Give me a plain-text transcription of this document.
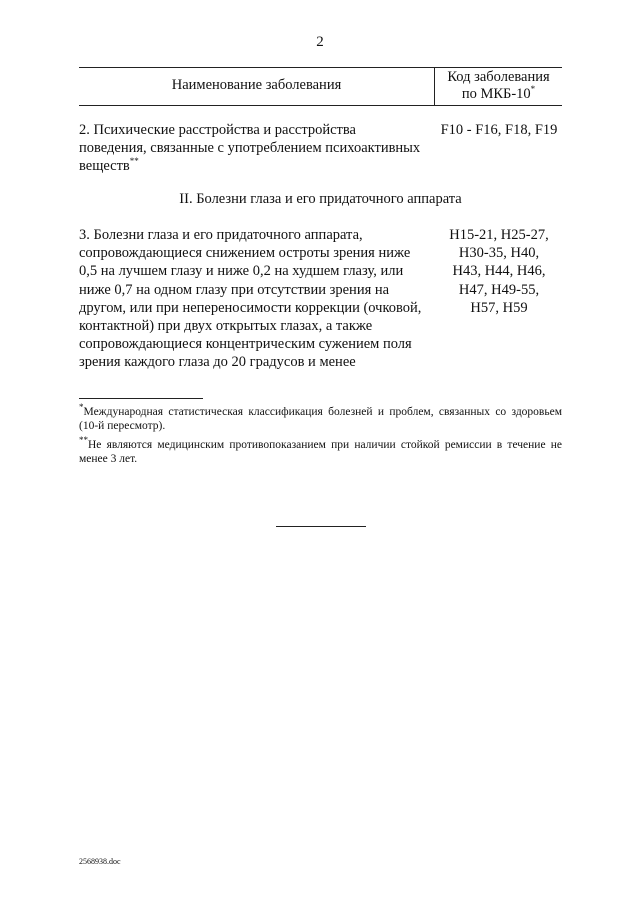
2
Наименование заболевания	Код заболевания
по МКБ-10*
2. Психические расстройства и расстройства
поведения, связанные с употреблением психоактивных
веществ**
F10 - F16, F18, F19
II. Болезни глаза и его придаточного аппарата
3. Болезни глаза и его придаточного аппарата,
сопровождающиеся снижением остроты зрения ниже
0,5 на лучшем глазу и ниже 0,2 на худшем глазу, или
ниже 0,7 на одном глазу при отсутствии зрения на
другом, или при непереносимости коррекции (очковой,
контактной) при двух открытых глазах, а также
сопровождающиеся концентрическим сужением поля
зрения каждого глаза до 20 градусов и менее
H15-21, H25-27,
H30-35, H40,
H43, H44, H46,
H47, H49-55,
H57, H59
*Международная статистическая классификация болезней и проблем, связанных со здоровьем (10-й пересмотр).
**Не являются медицинским противопоказанием при наличии стойкой ремиссии в течение не менее 3 лет.
2568938.doc
